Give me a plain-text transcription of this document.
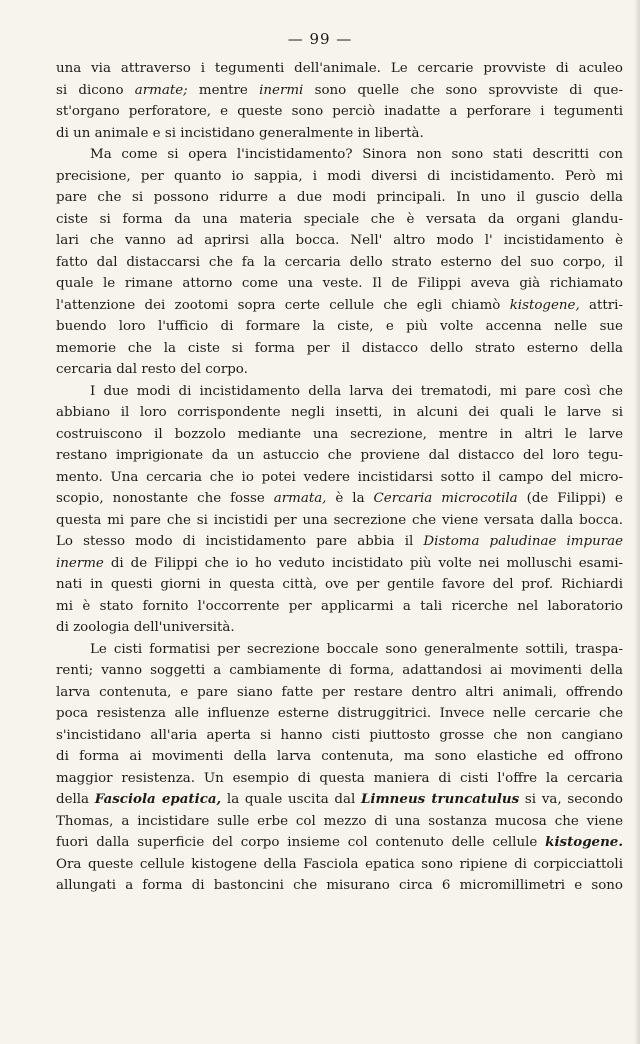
— 99 —
una via attraverso i tegumenti dell'animale. Le cercarie provviste di aculeo
si dicono armate; mentre inermi sono quelle che sono sprovviste di que-
st'organo perforatore, e queste sono perciò inadatte a perforare i tegumenti
di un animale e si incistidano generalmente in libertà.
Ma come si opera l'incistidamento? Sinora non sono stati descritti con
precisione, per quanto io sappia, i modi diversi di incistidamento. Però mi
pare che si possono ridurre a due modi principali. In uno il guscio della
ciste si forma da una materia speciale che è versata da organi glandu-
lari che vanno ad aprirsi alla bocca. Nell' altro modo l' incistidamento è
fatto dal distaccarsi che fa la cercaria dello strato esterno del suo corpo, il
quale le rimane attorno come una veste. Il de Filippi aveva già richiamato
l'attenzione dei zootomi sopra certe cellule che egli chiamò kistogene, attri-
buendo loro l'ufficio di formare la ciste, e più volte accenna nelle sue
memorie che la ciste si forma per il distacco dello strato esterno della
cercaria dal resto del corpo.
I due modi di incistidamento della larva dei trematodi, mi pare così che
abbiano il loro corrispondente negli insetti, in alcuni dei quali le larve si
costruiscono il bozzolo mediante una secrezione, mentre in altri le larve
restano imprigionate da un astuccio che proviene dal distacco del loro tegu-
mento. Una cercaria che io potei vedere incistidarsi sotto il campo del micro-
scopio, nonostante che fosse armata, è la Cercaria microcotila (de Filippi) e
questa mi pare che si incistidi per una secrezione che viene versata dalla bocca.
Lo stesso modo di incistidamento pare abbia il Distoma paludinae impurae
inerme di de Filippi che io ho veduto incistidato più volte nei molluschi esami-
nati in questi giorni in questa città, ove per gentile favore del prof. Richiardi
mi è stato fornito l'occorrente per applicarmi a tali ricerche nel laboratorio
di zoologia dell'università.
Le cisti formatisi per secrezione boccale sono generalmente sottili, traspa-
renti; vanno soggetti a cambiamente di forma, adattandosi ai movimenti della
larva contenuta, e pare siano fatte per restare dentro altri animali, offrendo
poca resistenza alle influenze esterne distruggitrici. Invece nelle cercarie che
s'incistidano all'aria aperta si hanno cisti piuttosto grosse che non cangiano
di forma ai movimenti della larva contenuta, ma sono elastiche ed offrono
maggior resistenza. Un esempio di questa maniera di cisti l'offre la cercaria
della Fasciola epatica, la quale uscita dal Limneus truncatulus si va, secondo
Thomas, a incistidare sulle erbe col mezzo di una sostanza mucosa che viene
fuori dalla superficie del corpo insieme col contenuto delle cellule kistogene.
Ora queste cellule kistogene della Fasciola epatica sono ripiene di corpicciattoli
allungati a forma di bastoncini che misurano circa 6 micromillimetri e sono
